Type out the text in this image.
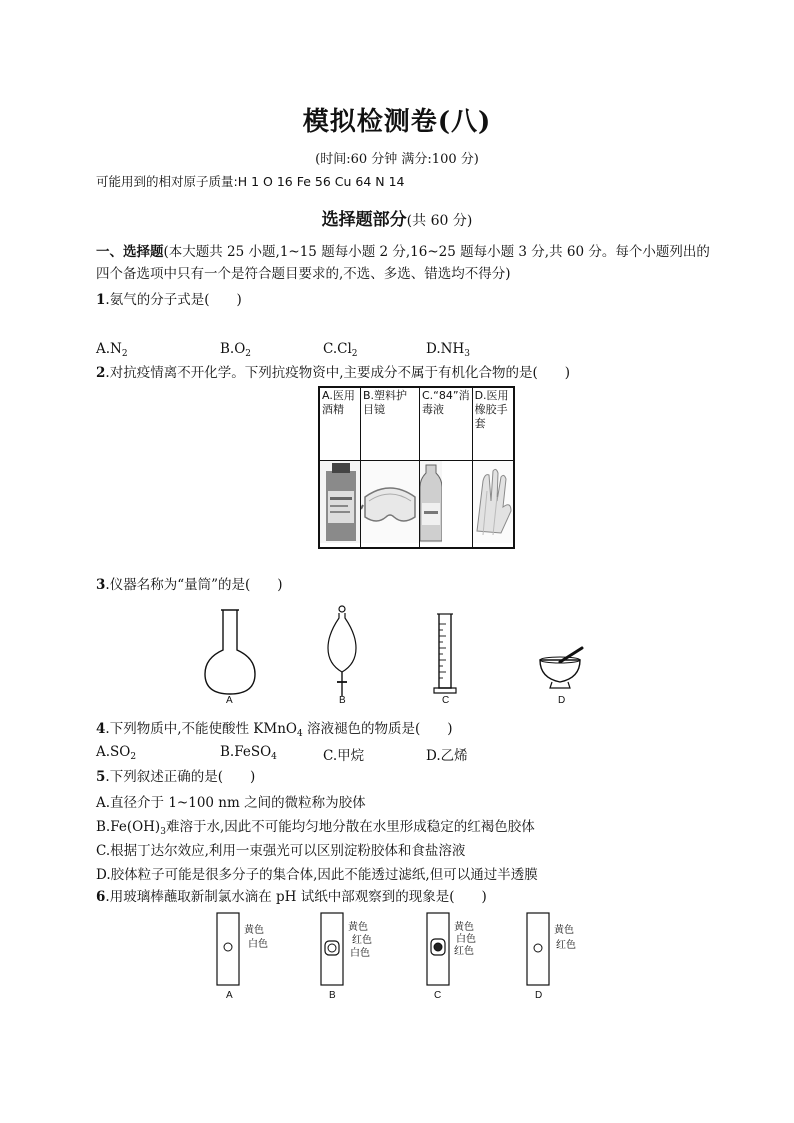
模拟检测卷(八)
(时间:60 分钟 满分:100 分)
可能用到的相对原子质量:H 1 O 16 Fe 56 Cu 64 N 14
选择题部分(共 60 分)
一、选择题(本大题共 25 小题,1~15 题每小题 2 分,16~25 题每小题 3 分,共 60 分。每个小题列出的四个备选项中只有一个是符合题目要求的,不选、多选、错选均不得分)
1.氨气的分子式是(　　)
$A.N_2$	$B.O_2$	$C.Cl_2$	$D.NH_3$
2.对抗疫情离不开化学。下列抗疫物资中,主要成分不属于有机化合物的是(　　)
A.医用酒精	B.塑料护目镜	C.“84”消毒液	D.医用橡胶手套

3.仪器名称为“量筒”的是(　　)
A	B	C	D
4.下列物质中,不能使酸性 KMnO$_4$ 溶液褪色的物质是(　　)
$A.SO_2$	B.FeSO$_4$	C.甲烷	D.乙烯
5.下列叙述正确的是(　　)
A.直径介于 1~100 nm 之间的微粒称为胶体
$B.Fe(OH)_3$难溶于水,因此不可能均匀地分散在水里形成稳定的红褐色胶体
C.根据丁达尔效应,利用一束强光可以区别淀粉胶体和食盐溶液
D.胶体粒子可能是很多分子的集合体,因此不能透过滤纸,但可以通过半透膜
6.用玻璃棒蘸取新制氯水滴在 pH 试纸中部观察到的现象是(　　)
黄色
白色
A
黄色
红色
白色
B
黄色
白色
红色
C
黄色
红色
D
